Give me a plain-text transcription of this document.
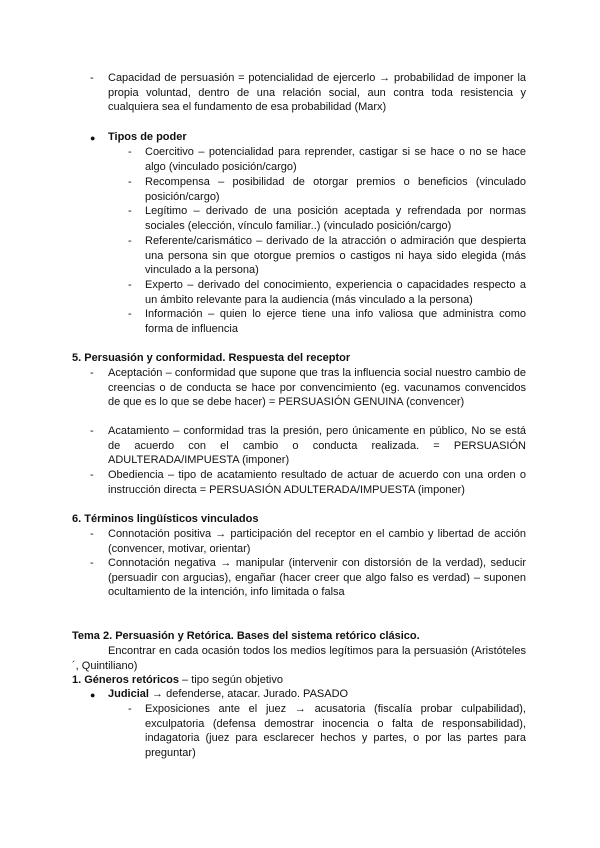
- Capacidad de persuasión = potencialidad de ejercerlo → probabilidad de imponer la propia voluntad, dentro de una relación social, aun contra toda resistencia y cualquiera sea el fundamento de esa probabilidad (Marx)
● Tipos de poder
- Coercitivo – potencialidad para reprender, castigar si se hace o no se hace algo (vinculado posición/cargo)
- Recompensa – posibilidad de otorgar premios o beneficios (vinculado posición/cargo)
- Legítimo – derivado de una posición aceptada y refrendada por normas sociales (elección, vínculo familiar..) (vinculado posición/cargo)
- Referente/carismático – derivado de la atracción o admiración que despierta una persona sin que otorgue premios o castigos ni haya sido elegida (más vinculado a la persona)
- Experto – derivado del conocimiento, experiencia o capacidades respecto a un ámbito relevante para la audiencia (más vinculado a la persona)
- Información – quien lo ejerce tiene una info valiosa que administra como forma de influencia
5. Persuasión y conformidad. Respuesta del receptor
- Aceptación – conformidad que supone que tras la influencia social nuestro cambio de creencias o de conducta se hace por convencimiento (eg. vacunamos convencidos de que es lo que se debe hacer) = PERSUASIÓN GENUINA (convencer)
- Acatamiento – conformidad tras la presión, pero únicamente en público, No se está de acuerdo con el cambio o conducta realizada. = PERSUASIÓN ADULTERADA/IMPUESTA (imponer)
- Obediencia – tipo de acatamiento resultado de actuar de acuerdo con una orden o instrucción directa = PERSUASIÓN ADULTERADA/IMPUESTA (imponer)
6. Términos lingüísticos vinculados
- Connotación positiva → participación del receptor en el cambio y libertad de acción (convencer, motivar, orientar)
- Connotación negativa → manipular (intervenir con distorsión de la verdad), seducir (persuadir con argucias), engañar (hacer creer que algo falso es verdad) – suponen ocultamiento de la intención, info limitada o falsa
Tema 2. Persuasión y Retórica. Bases del sistema retórico clásico.
Encontrar en cada ocasión todos los medios legítimos para la persuasión (Aristóteles´, Quintiliano)
1. Géneros retóricos – tipo según objetivo
● Judicial → defenderse, atacar. Jurado. PASADO
- Exposiciones ante el juez → acusatoria (fiscalía probar culpabilidad), exculpatoria (defensa demostrar inocencia o falta de responsabilidad), indagatoria (juez para esclarecer hechos y partes, o por las partes para preguntar)
